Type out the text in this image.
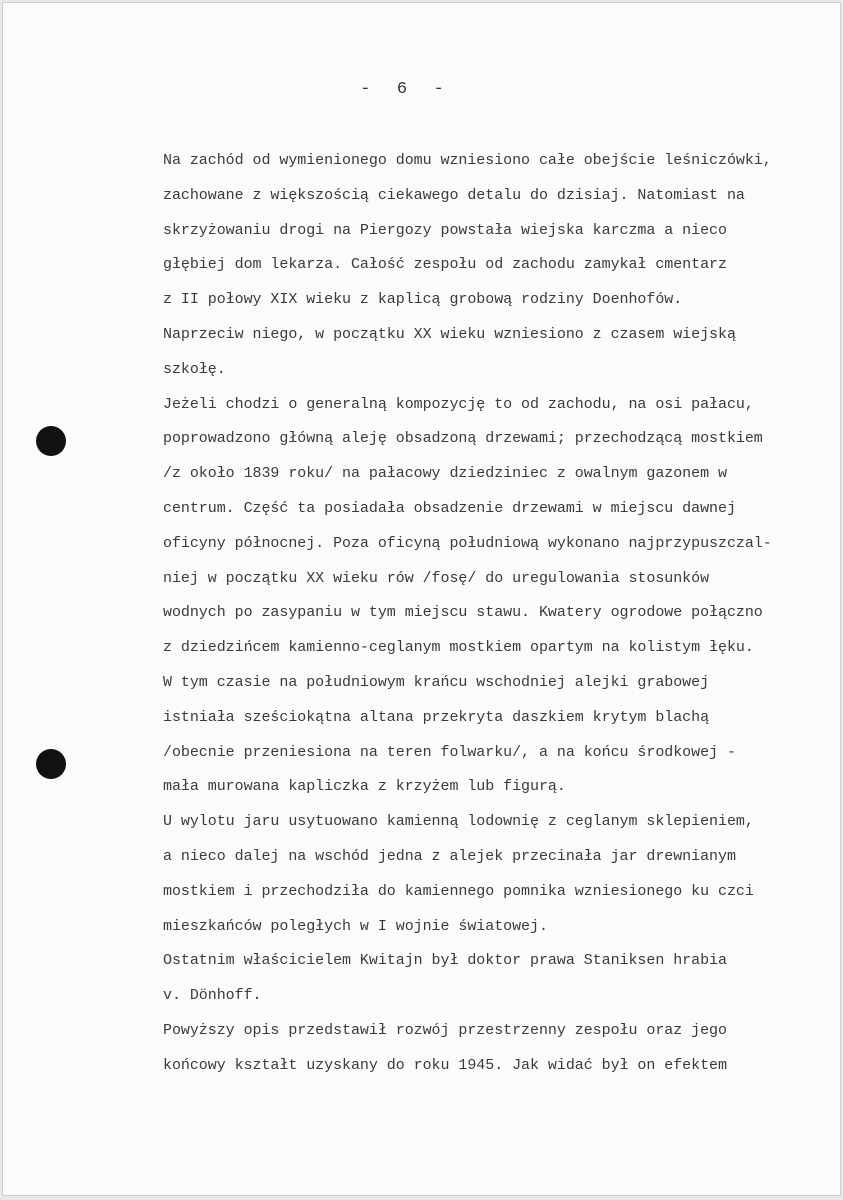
-  6  -
Na zachód od wymienionego domu wzniesiono całe obejście leśniczówki,
zachowane z większością ciekawego detalu do dzisiaj. Natomiast na
skrzyżowaniu drogi na Piergozy powstała wiejska karczma a nieco
głębiej dom lekarza. Całość zespołu od zachodu zamykał cmentarz
z II połowy XIX wieku z kaplicą grobową rodziny Doenhofów.
Naprzeciw niego, w początku XX wieku wzniesiono z czasem wiejską
szkołę.
Jeżeli chodzi o generalną kompozycję to od zachodu, na osi pałacu,
poprowadzono główną aleję obsadzoną drzewami; przechodzącą mostkiem
/z około 1839 roku/ na pałacowy dziedziniec z owalnym gazonem w
centrum. Część ta posiadała obsadzenie drzewami w miejscu dawnej
oficyny północnej. Poza oficyną południową wykonano najprzypuszczal-
niej w początku XX wieku rów /fosę/ do uregulowania stosunków
wodnych po zasypaniu w tym miejscu stawu. Kwatery ogrodowe połączno
z dziedzińcem kamienno-ceglanym mostkiem opartym na kolistym łęku.
W tym czasie na południowym krańcu wschodniej alejki grabowej
istniała sześciokątna altana przekryta daszkiem krytym blachą
/obecnie przeniesiona na teren folwarku/, a na końcu środkowej -
mała murowana kapliczka z krzyżem lub figurą.
U wylotu jaru usytuowano kamienną lodownię z ceglanym sklepieniem,
a nieco dalej na wschód jedna z alejek przecinała jar drewnianym
mostkiem i przechodziła do kamiennego pomnika wzniesionego ku czci
mieszkańców poległych w I wojnie światowej.
Ostatnim właścicielem Kwitajn był doktor prawa Staniksen hrabia
v. Dönhoff.
Powyższy opis przedstawił rozwój przestrzenny zespołu oraz jego
końcowy kształt uzyskany do roku 1945. Jak widać był on efektem
